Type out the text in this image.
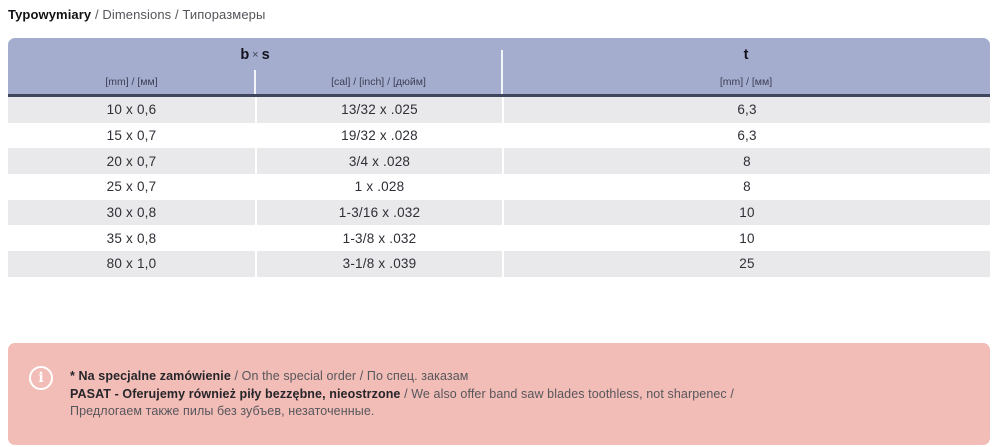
Typowymiary / Dimensions / Типоразмеры
b × s	t
[mm] / [мм]	[cal] / [inch] / [дюйм]	[mm] / [мм]
10 x 0,6	13/32 x .025	6,3
15 x 0,7	19/32 x .028	6,3
20 x 0,7	3/4 x .028	8
25 x 0,7	1 x .028	8
30 x 0,8	1-3/16 x .032	10
35 x 0,8	1-3/8 x .032	10
80 x 1,0	3-1/8 x .039	25
i	* Na specjalne zamówienie / On the special order / По спец. заказам
PASAT - Oferujemy również piły bezzębne, nieostrzone / We also offer band saw blades toothless, not sharpenec /
Предлогаем также пилы без зубъев, незаточенные.
